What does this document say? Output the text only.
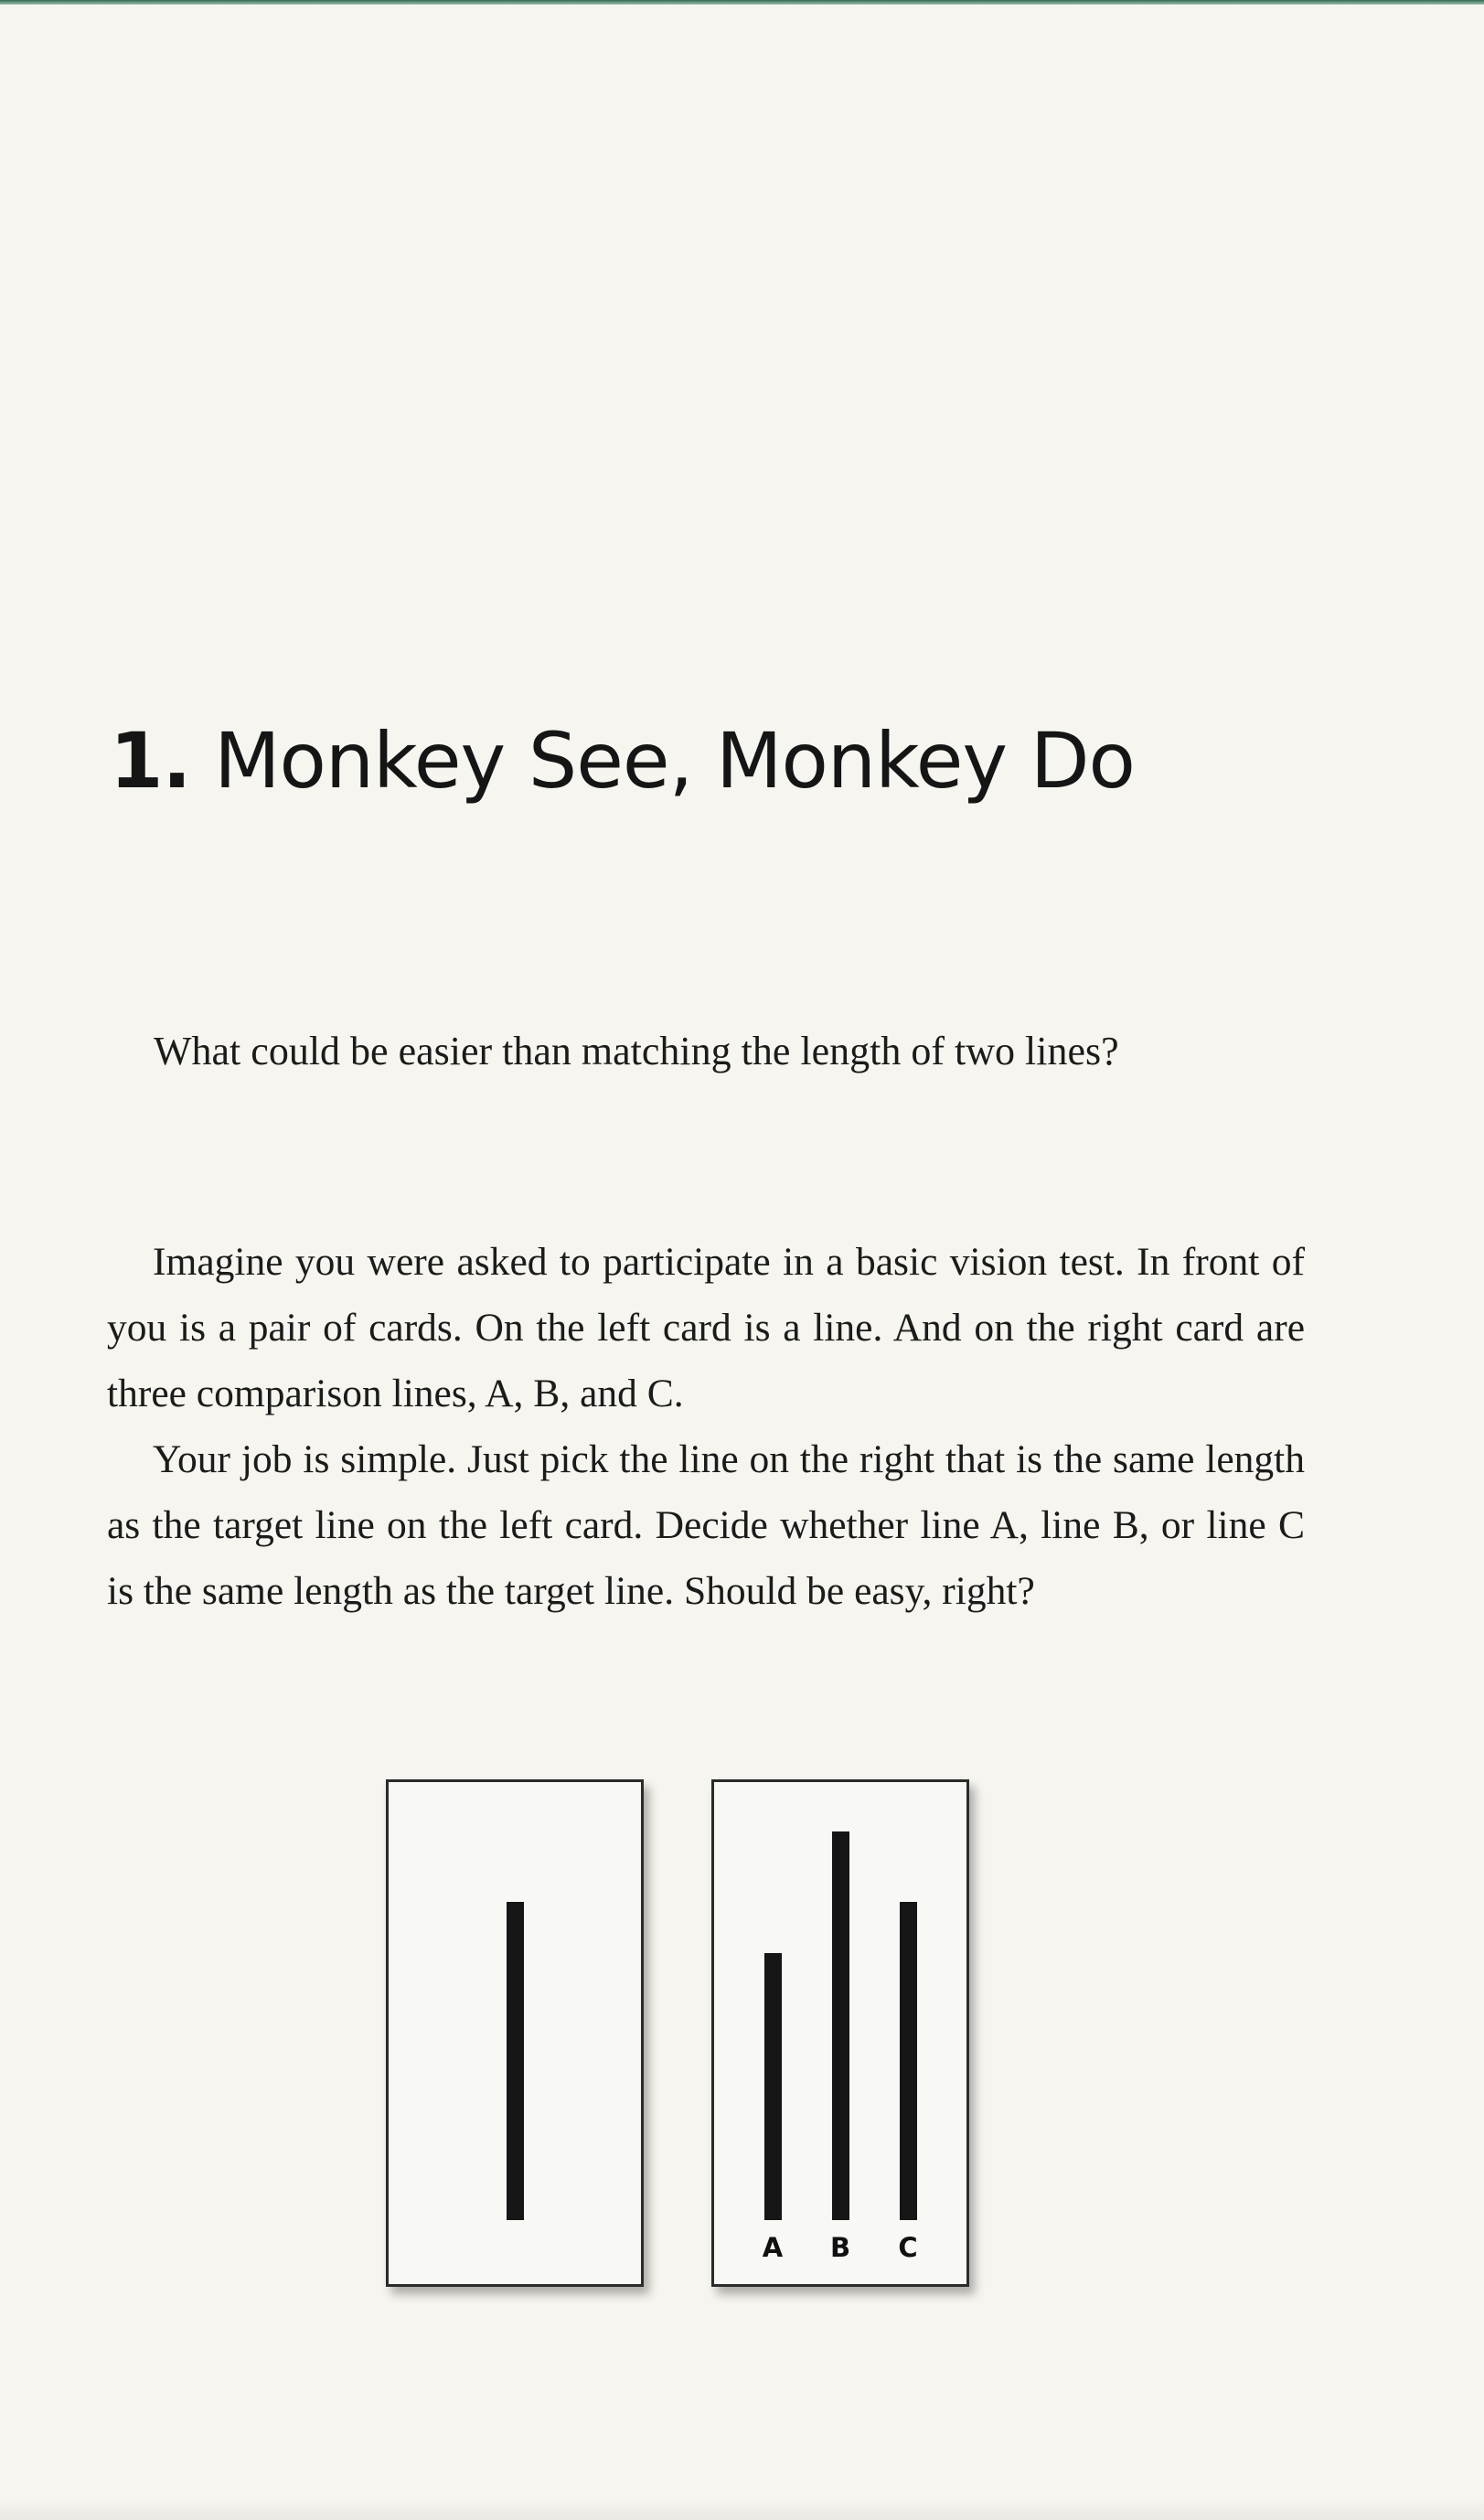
1. Monkey See, Monkey Do

What could be easier than matching the length of two lines?

Imagine you were asked to participate in a basic vision test. In front of you is a pair of cards. On the left card is a line. And on the right card are three comparison lines, A, B, and C.

Your job is simple. Just pick the line on the right that is the same length as the target line on the left card. Decide whether line A, line B, or line C is the same length as the target line. Should be easy, right?

A	B	C
